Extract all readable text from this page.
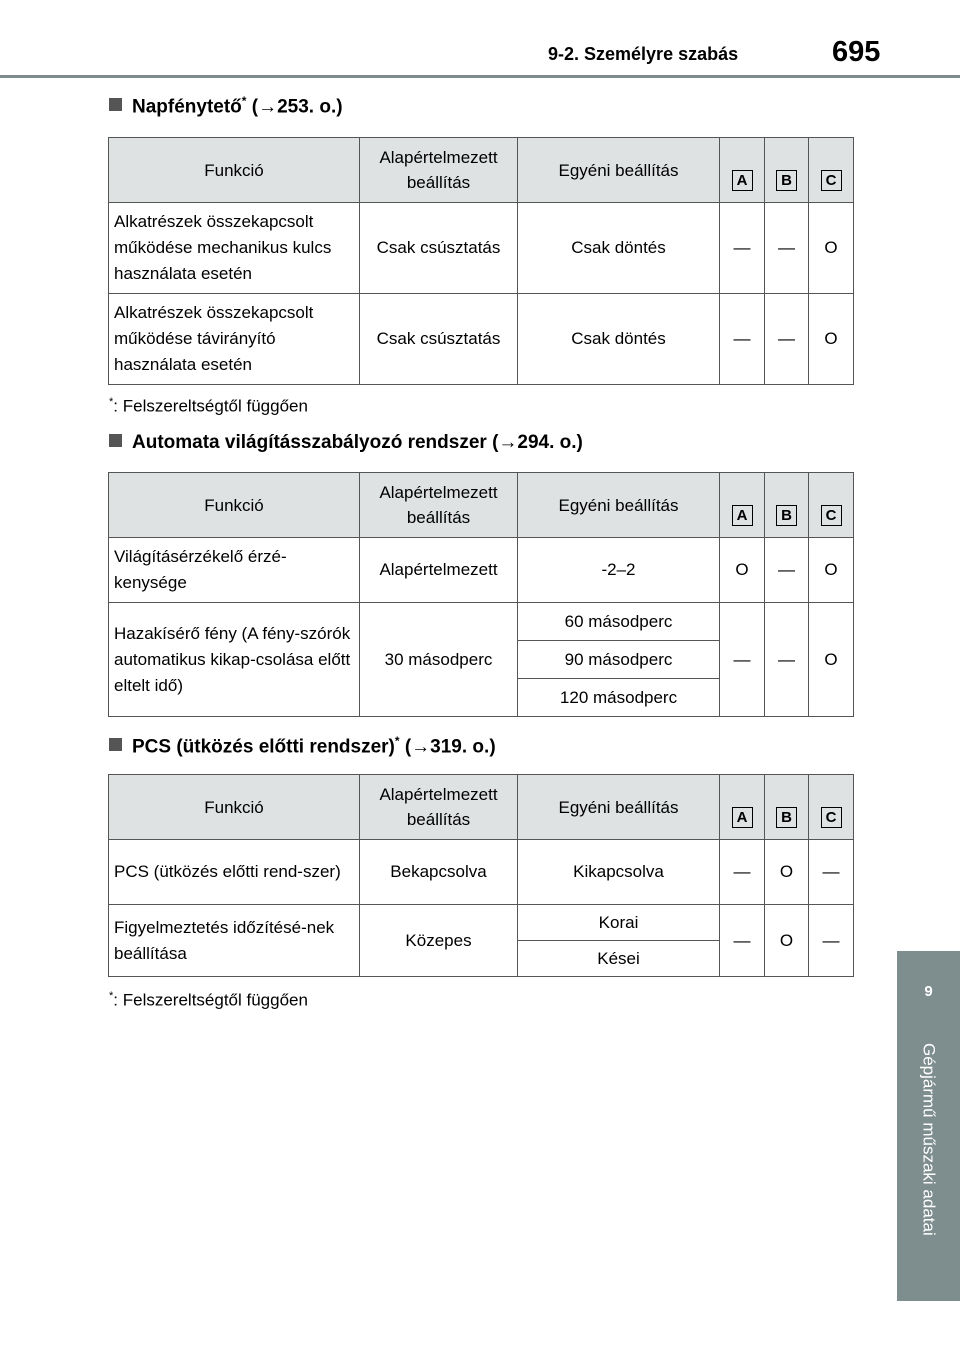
9-2. Személyre szabás	695
9
Gépjármű műszaki adatai
Napfénytető* (→253. o.)
Funkció	Alapértelmezett
beállítás	Egyéni beállítás	A	B	C
Alkatrészek összekapcsolt működése mechanikus kulcs használata esetén	Csak csúsztatás	Csak döntés	—	—	O
Alkatrészek összekapcsolt működése távirányító használata esetén	Csak csúsztatás	Csak döntés	—	—	O
*: Felszereltségtől függően
Automata világításszabályozó rendszer (→294. o.)
Funkció	Alapértelmezett
beállítás	Egyéni beállítás	A	B	C
Világításérzékelő érzé-kenysége	Alapértelmezett	-2–2	O	—	O
Hazakísérő fény (A fény-szórók automatikus kikap-csolása előtt eltelt idő)	30 másodperc	60 másodperc	—	—	O
		90 másodperc			
		120 másodperc			
PCS (ütközés előtti rendszer)* (→319. o.)
Funkció	Alapértelmezett
beállítás	Egyéni beállítás	A	B	C
PCS (ütközés előtti rend-szer)	Bekapcsolva	Kikapcsolva	—	O	—
Figyelmeztetés időzítésé-nek beállítása	Közepes	Korai	—	O	—
		Kései			
*: Felszereltségtől függően
